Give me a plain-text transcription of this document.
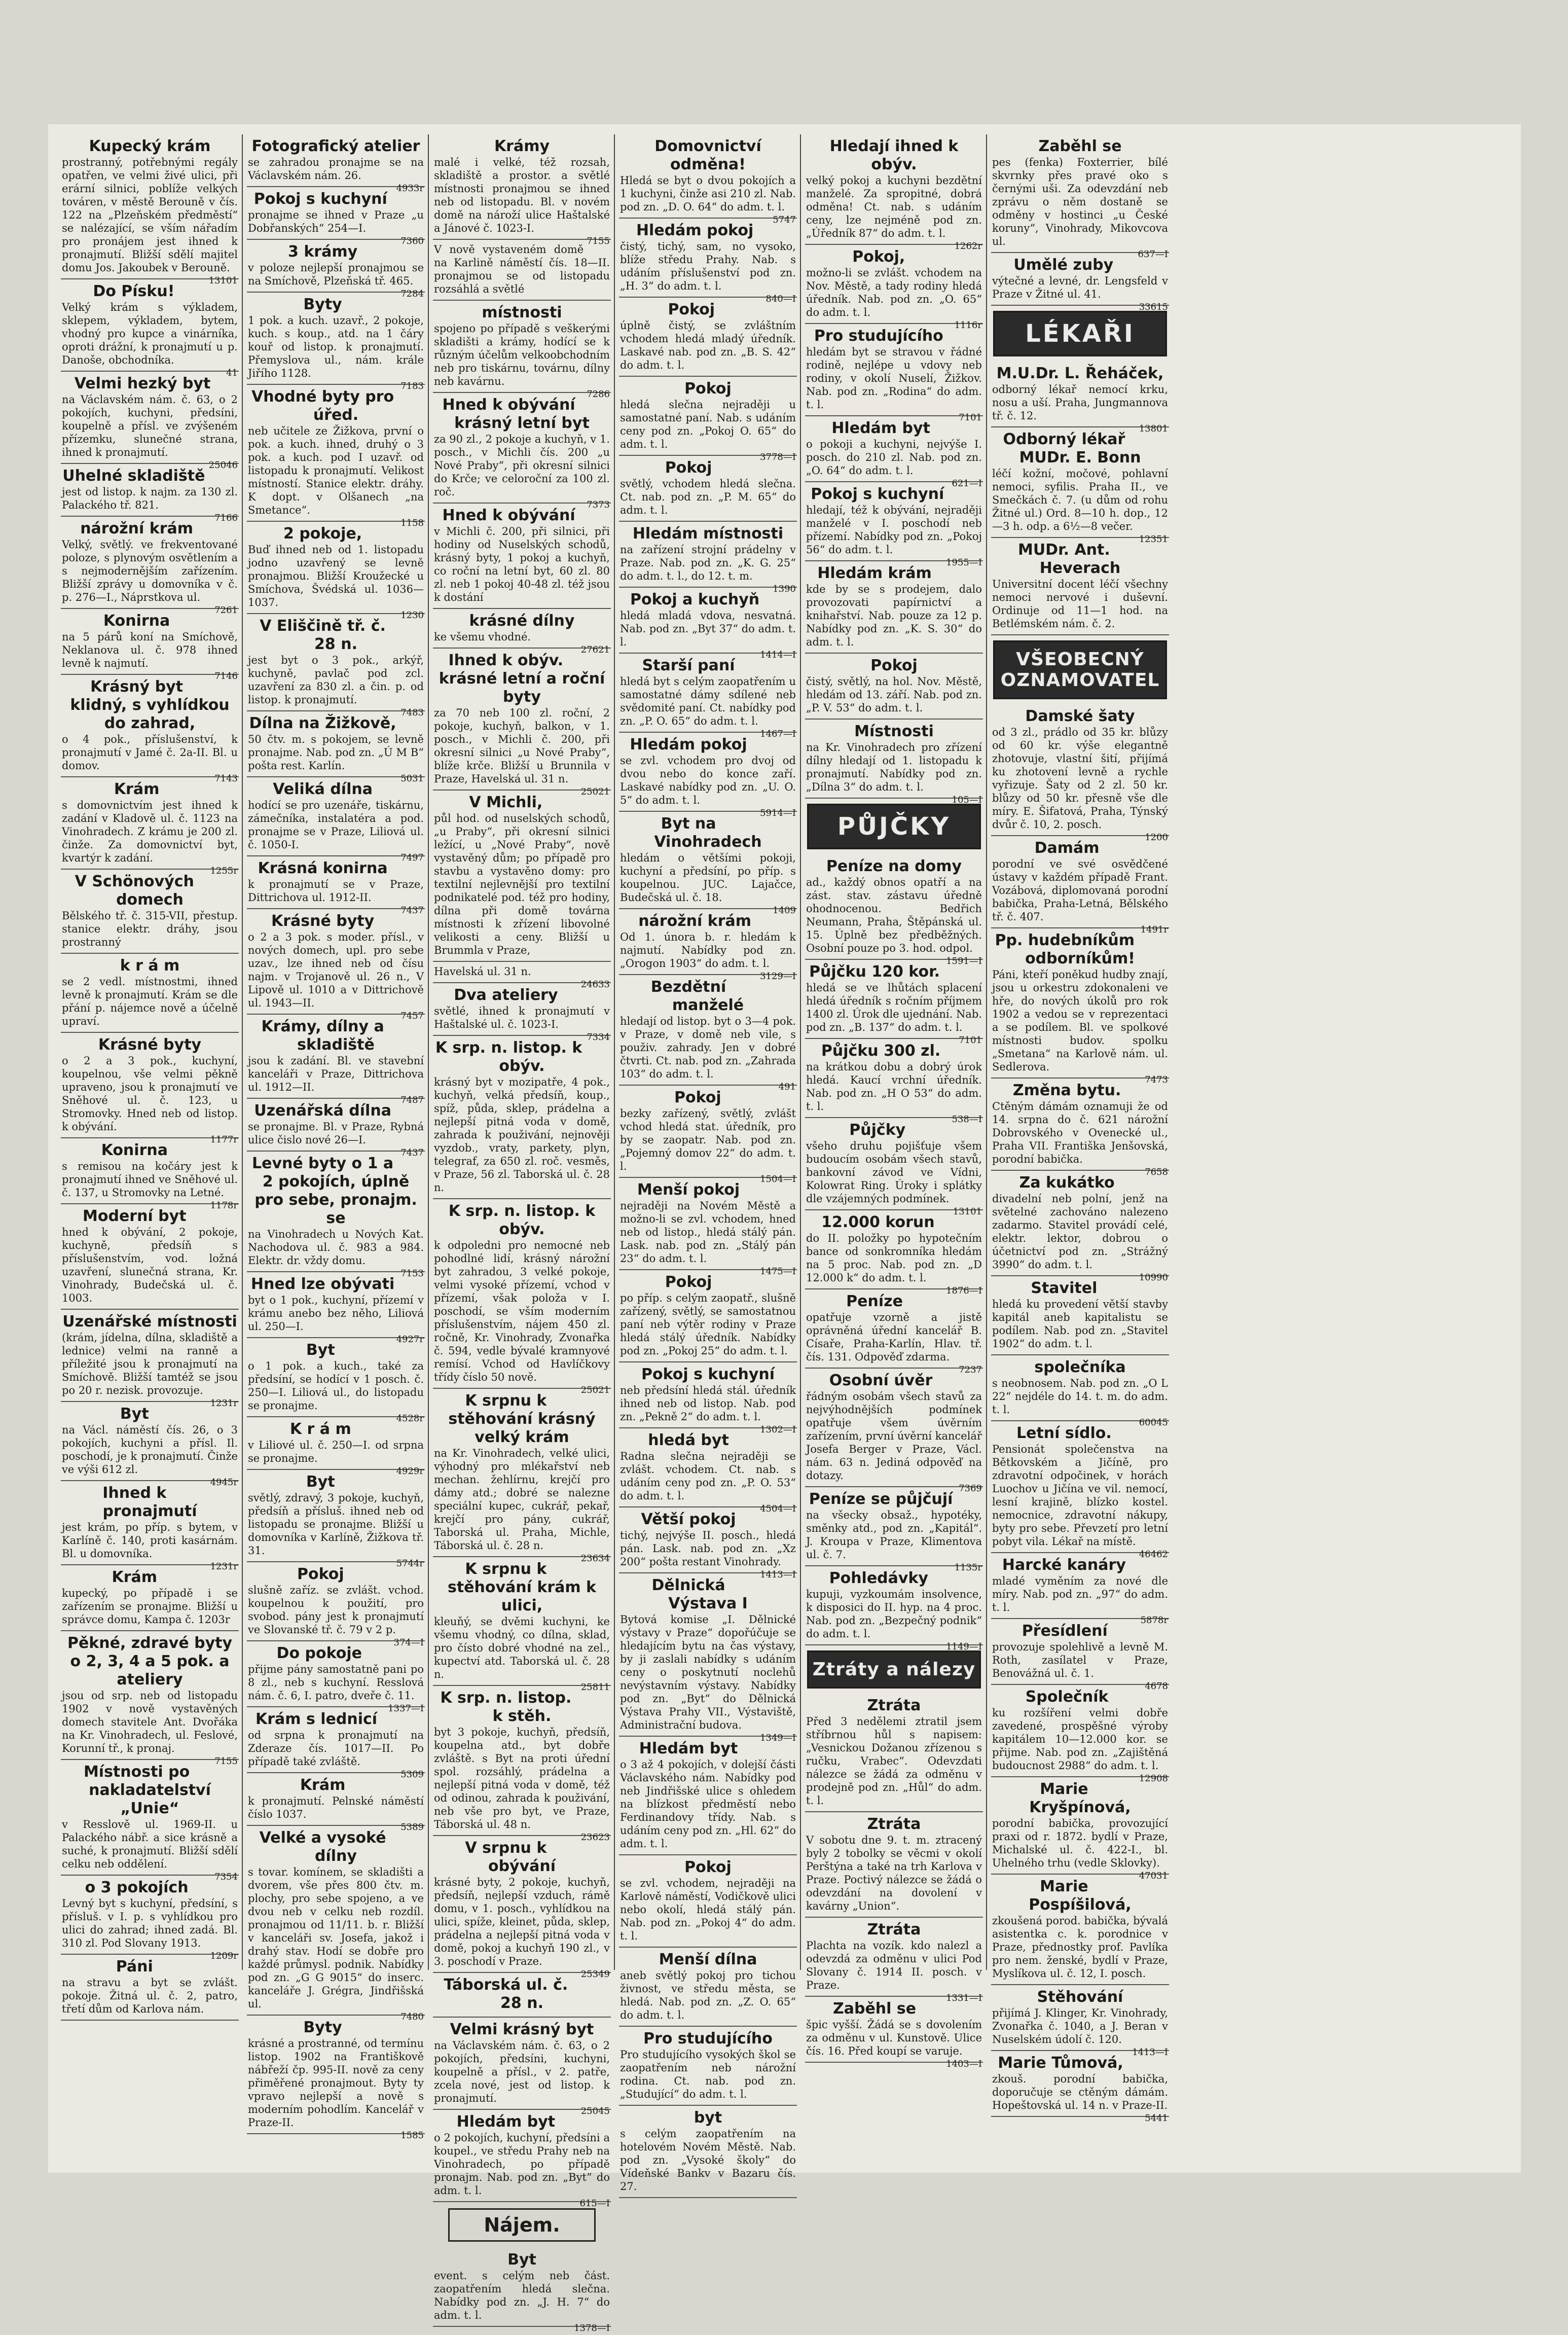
Kupecký krám
prostranný, potřebnými regály opatřen, ve velmi živé ulici, při erární silnici, poblíže velkých továren, v městě Berouně v čís. 122 na „Plzeňském předměstí“ se nalézající, se vším nářadím pro pronájem jest ihned k pronajmutí. Bližší sdělí majitel domu Jos. Jakoubek v Berouně.
13101
Do Písku!
Velký krám s výkladem, sklepem, výkladem, bytem, vhodný pro kupce a vinárníka, oproti drážní, k pronajmutí u p. Danoše, obchodníka.
41
Velmi hezký byt
na Václavském nám. č. 63, o 2 pokojích, kuchyni, předsíni, koupelně a přísl. ve zvýšeném přízemku, slunečné strana, ihned k pronajmutí.
25046
Uhelné skladiště
jest od listop. k najm. za 130 zl. Palackého tř. 821.
7166
nárožní krám
Velký, světlý. ve frekventované poloze, s plynovým osvětlením a s nejmodernějším zařízením. Bližší zprávy u domovníka v č. p. 276—I., Náprstkova ul.
7261
Konirna
na 5 párů koní na Smíchově, Neklanova ul. č. 978 ihned levně k najmutí.
7146
Krásný byt klidný, s vyhlídkou do zahrad,
o 4 pok., příslušenství, k pronajmutí v Jamé č. 2a-II. Bl. u domov.
7143
Krám
s domovnictvím jest ihned k zadání v Kladově ul. č. 1123 na Vinohradech. Z krámu je 200 zl. činže. Za domovnictví byt, kvartýr k zadání.
1255r
V Schönových domech
Bělského tř. č. 315-VII, přestup. stanice elektr. dráhy, jsou prostranný
k r á m
se 2 vedl. místnostmi, ihned levně k pronajmutí. Krám se dle přání p. nájemce nově a účelně upraví.
Krásné byty
o 2 a 3 pok., kuchyní, koupelnou, vše velmi pěkně upraveno, jsou k pronajmutí ve Sněhové ul. č. 123, u Stromovky. Hned neb od listop. k obývání.
1177r
Konirna
s remisou na kočáry jest k pronajmutí ihned ve Sněhové ul. č. 137, u Stromovky na Letné.
1178r
Moderní byt
hned k obývání, 2 pokoje, kuchyně, předsíň s příslušenstvím, vod. ložná uzavření, slunečná strana, Kr. Vinohrady, Budečská ul. č. 1003.
Uzenářské místnosti
(krám, jídelna, dílna, skladiště a lednice) velmi na ranně a příležité jsou k pronajmutí na Smíchově. Bližší tamtéž se jsou po 20 r. nezisk. provozuje.
1231r
Byt
na Václ. náměstí čís. 26, o 3 pokojích, kuchyni a přísl. Il. poschodí, je k pronajmutí. Činže ve výši 612 zl.
4945r
Ihned k pronajmutí
jest krám, po příp. s bytem, v Karlíně č. 140, proti kasárnám. Bl. u domovníka.
1231r
Krám
kupecký, po případě i se zařízením se pronajme. Bližší u správce domu, Kampa č. 1203r
Pěkné, zdravé byty o 2, 3, 4 a 5 pok. a ateliery
jsou od srp. neb od listopadu 1902 v nově vystavěných domech stavitele Ant. Dvořáka na Kr. Vinohradech, ul. Feslové, Korunní tř., k pronaj.
7155
Místnosti po nakladatelství „Unie“
v Resslově ul. 1969-II. u Palackého nábř. a sice krásně a suché, k pronajmutí. Bližší sdělí celku neb oddělení.
7354
o 3 pokojích
Levný byt s kuchyní, předsíní, s přísluš. v I. p. s vyhlídkou pro ulici do zahrad; ihned zadá. Bl. 310 zl. Pod Slovany 1913.
1209r
Páni
na stravu a byt se zvlášt. pokoje. Žitná ul. č. 2, patro, třetí dům od Karlova nám.
Fotografický atelier
se zahradou pronajme se na Václavském nám. 26.
4933r
Pokoj s kuchyní
pronajme se ihned v Praze „u Dobřanských“ 254—I.
7360
3 krámy
v poloze nejlepší pronajmou se na Smíchově, Plzeňská tř. 465.
7284
Byty
1 pok. a kuch. uzavř., 2 pokoje, kuch. s koup., atd. na 1 čáry kouř od listop. k pronajmutí. Přemyslova ul., nám. krále Jiřího 1128.
7183
Vhodné byty pro úřed.
neb učitele ze Žižkova, první o pok. a kuch. ihned, druhý o 3 pok. a kuch. pod I uzavř. od listopadu k pronajmutí. Velikost místností. Stanice elektr. dráhy. K dopt. v Olšanech „na Smetance“.
1158
2 pokoje,
Buď ihned neb od 1. listopadu jodno uzavřený se levně pronajmou. Bližší Kroužecké u Smíchova, Švédská ul. 1036—1037.
1230
V Eliščině tř. č. 28 n.
jest byt o 3 pok., arkýř, kuchyně, pavlač pod zcl. uzavření za 830 zl. a čin. p. od listop. k pronajmutí.
7483
Dílna na Žižkově,
50 čtv. m. s pokojem, se levně pronajme. Nab. pod zn. „Ú M B“ pošta rest. Karlín.
5031
Veliká dílna
hodící se pro uzenáře, tiskárnu, zámečníka, instalatéra a pod. pronajme se v Praze, Liliová ul. č. 1050-I.
7497
Krásná konirna
k pronajmutí se v Praze, Dittrichova ul. 1912-II.
7437
Krásné byty
o 2 a 3 pok. s moder. přísl., v nových domech, upl. pro sebe uzav., lze ihned neb od čísu najm. v Trojanově ul. 26 n., V Lipově ul. 1010 a v Dittrichově ul. 1943—II.
7457
Krámy, dílny a skladiště
jsou k zadání. Bl. ve stavební kanceláři v Praze, Dittrichova ul. 1912—II.
7487
Uzenářská dílna
se pronajme. Bl. v Praze, Rybná ulice čislo nové 26—I.
7437
Levné byty o 1 a 2 pokojích, úplně pro sebe, pronajm. se
na Vinohradech u Nových Kat. Nachodova ul. č. 983 a 984. Elektr. dr. vždy domu.
7153
Hned lze obývati
byt o 1 pok., kuchyní, přízemí v krámu anebo bez něho, Liliová ul. 250—I.
4927r
Byt
o 1 pok. a kuch., také za předsíní, se hodící v 1 posch. č. 250—I. Liliová ul., do listopadu se pronajme.
4528r
K r á m
v Liliové ul. č. 250—I. od srpna se pronajme.
4929r
Byt
světlý, zdravý, 3 pokoje, kuchyň, předsíň a přísluš. ihned neb od listopadu se pronajme. Bližší u domovníka v Karlíně, Žižkova tř. 31.
5744r
Pokoj
slušně zaříz. se zvlášt. vchod. koupelnou k použití, pro svobod. pány jest k pronajmutí ve Slovanské tř. č. 79 v 2 p.
374—I
Do pokoje
přijme pány samostatně pani po 8 zl., neb s kuchyní. Resslová nám. č. 6, I. patro, dveře č. 11.
1337—I
Krám s lednicí
od srpna k pronajmutí na Zderaze čís. 1017—II. Po případě také zvláště.
5309
Krám
k pronajmutí. Pelnské náměstí číslo 1037.
5389
Velké a vysoké dílny
s tovar. komínem, se skladišti a dvorem, vše přes 800 čtv. m. plochy, pro sebe spojeno, a ve dvou neb v celku neb rozdíl. pronajmou od 11/11. b. r. Bližší v kanceláři sv. Josefa, jakož i drahý stav. Hodí se dobře pro každé průmysl. podnik. Nabídky pod zn. „G G 9015“ do inserc. kanceláře J. Grégra, Jindřišská ul.
7480
Byty
krásné a prostranné, od termínu listop. 1902 na Františkově nábřeží čp. 995-II. nově za ceny přiměřené pronajmout. Byty ty vpravo nejlepší a nově s moderním pohodlím. Kancelář v Praze-II.
1585
Krámy
malé i velké, též rozsah, skladiště a prostor. a světlé místnosti pronajmou se ihned neb od listopadu. Bl. v novém domě na nároží ulice Haštalské a Jánové č. 1023-I.
7155
V nově vystaveném domě na Karlině náměstí čís. 18—II. pronajmou se od listopadu rozsáhlá a světlé
místnosti
spojeno po případě s veškerými skladišti a krámy, hodící se k různým účelům velkoobchodním neb pro tiskárnu, továrnu, dílny neb kavárnu.
7286
Hned k obývání krásný letní byt
za 90 zl., 2 pokoje a kuchyň, v 1. posch., v Michli čís. 200 „u Nové Praby“, při okresní silnici do Krče; ve celoroční za 100 zl. roč.
7373
Hned k obývání
v Michli č. 200, při silnici, při hodiny od Nuselských schodů, krásný byty, 1 pokoj a kuchyň, co roční na letní byt, 60 zl. 80 zl. neb 1 pokoj 40-48 zl. též jsou k dostání
krásné dílny
ke všemu vhodné.
27621
Ihned k obýv. krásné letní a roční byty
za 70 neb 100 zl. roční, 2 pokoje, kuchyň, balkon, v 1. posch., v Michli č. 200, při okresní silnici „u Nové Praby“, blíže krče. Bližší u Brunnila v Praze, Havelská ul. 31 n.
25021
V Michli,
půl hod. od nuselských schodů, „u Praby“, při okresní silnici ležící, u „Nové Praby“, nově vystavěný dům; po případě pro stavbu a vystavěno domy: pro textilní nejlevnější pro textilní podnikatelé pod. též pro hodiny, dílna při domě továrna místnosti k zřízení libovolné velikosti a ceny. Bližší u Brummla v Praze,
Havelská ul. 31 n.
24633
Dva ateliery
světlé, ihned k pronajmutí v Haštalské ul. č. 1023-I.
7334
K srp. n. listop. k obýv.
krásný byt v mozipatře, 4 pok., kuchyň, velká předsíň, koup., spíž, půda, sklep, prádelna a nejlepší pitná voda v domě, zahrada k použivání, nejnověji vyzdob., vraty, parkety, plyn, telegraf, za 650 zl. roč. vesměs, v Praze, 56 zl. Taborská ul. č. 28 n.
K srp. n. listop. k obýv.
k odpoledni pro nemocné neb pohodlné lidí, krásný nárožní byt zahradou, 3 velké pokoje, velmi vysoké přízemí, vchod v přízemí, však položa v I. poschodí, se vším moderním příslušenstvím, nájem 450 zl. ročně, Kr. Vinohrady, Zvonařka č. 594, vedle bývalé kramnyové remísí. Vchod od Havlíčkovy třídy číslo 50 nově.
25021
K srpnu k stěhování krásný velký krám
na Kr. Vinohradech, velké ulici, výhodný pro mlékařství neb mechan. žehlírnu, krejčí pro dámy atd.; dobré se nalezne speciální kupec, cukrář, pekař, krejčí pro pány, cukrář, Taborská ul. Praha, Michle, Táborská ul. č. 28 n.
23634
K srpnu k stěhování krám k ulici,
kleuňý, se dvěmi kuchyni, ke všemu vhodný, co dílna, sklad, pro čísto dobré vhodné na zel., kupectví atd. Taborská ul. č. 28 n.
25811
K srp. n. listop. k stěh.
byt 3 pokoje, kuchyň, předsíň, koupelna atd., byt dobře zvláště. s Byt na proti úřední spol. rozsáhlý, prádelna a nejlepší pitná voda v domě, též od odinou, zahrada k použivání, neb vše pro byt, ve Praze, Táborská ul. 48 n.
23623
V srpnu k obývání
krásné byty, 2 pokoje, kuchyň, předsíň, nejlepší vzduch, rámě domu, v 1. posch., vyhlídkou na ulici, spíže, kleinet, půda, sklep, prádelna a nejlepší pitná voda v domě, pokoj a kuchyň 190 zl., v 3. poschodí v Praze.
25349
Táborská ul. č. 28 n.
Velmi krásný byt
na Václavském nám. č. 63, o 2 pokojích, předsíni, kuchyni, koupelně a přísl., v 2. patře, zcela nové, jest od listop. k pronajmutí.
25045
Hledám byt
o 2 pokojích, kuchyní, předsíni a koupel., ve středu Prahy neb na Vinohradech, po případě pronajm. Nab. pod zn. „Byt“ do adm. t. l.
615—I
Nájem.
Byt
event. s celým neb část. zaopatřením hledá slečna. Nabídky pod zn. „J. H. 7“ do adm. t. l.
1378—I
Domovnictví odměna!
Hledá se byt o dvou pokojích a 1 kuchyni, činže asi 210 zl. Nab. pod zn. „D. O. 64“ do adm. t. l.
5747
Hledám pokoj
čistý, tichý, sam, no vysoko, blíže středu Prahy. Nab. s udáním příslušenství pod zn. „H. 3“ do adm. t. l.
840—I
Pokoj
úplně čistý, se zvláštním vchodem hledá mladý úředník. Laskavé nab. pod zn. „B. S. 42“ do adm. t. l.
Pokoj
hledá slečna nejraději u samostatné paní. Nab. s udáním ceny pod zn. „Pokoj O. 65“ do adm. t. l.
3778—I
Pokoj
světlý, vchodem hledá slečna. Ct. nab. pod zn. „P. M. 65“ do adm. t. l.
Hledám místnosti
na zařízení strojní prádelny v Praze. Nab. pod zn. „K. G. 25“ do adm. t. l., do 12. t. m.
1390
Pokoj a kuchyň
hledá mladá vdova, nesvatná. Nab. pod zn. „Byt 37“ do adm. t. l.
1414—I
Starší paní
hledá byt s celým zaopatřením u samostatné dámy sdílené neb svědomité paní. Ct. nabídky pod zn. „P. O. 65“ do adm. t. l.
1467—I
Hledám pokoj
se zvl. vchodem pro dvoj od dvou nebo do konce zaří. Laskavé nabídky pod zn. „U. O. 5“ do adm. t. l.
5914—I
Byt na Vinohradech
hledám o většími pokoji, kuchyní a předsíní, po příp. s koupelnou. JUC. Lajačce, Budečská ul. č. 18.
1409
nárožní krám
Od 1. února b. r. hledám k najmutí. Nabídky pod zn. „Orogon 1903“ do adm. t. l.
3129—I
Bezdětní manželé
hledají od listop. byt o 3—4 pok. v Praze, v domě neb vile, s použiv. zahrady. Jen v dobré čtvrti. Ct. nab. pod zn. „Zahrada 103“ do adm. t. l.
491
Pokoj
bezky zařízený, světlý, zvlášt vchod hledá stat. úředník, pro by se zaopatr. Nab. pod zn. „Pojemný domov 22“ do adm. t. l.
1504—I
Menší pokoj
nejraději na Novém Městě a možno-li se zvl. vchodem, hned neb od listop., hledá stálý pán. Lask. nab. pod zn. „Stálý pán 23“ do adm. t. l.
1475—I
Pokoj
po příp. s celým zaopatř., slušně zařízený, světlý, se samostatnou paní neb výtěr rodiny v Praze hledá stálý úředník. Nabídky pod zn. „Pokoj 25“ do adm. t. l.
Pokoj s kuchyní
neb předsíní hledá stál. úředník ihned neb od listop. Nab. pod zn. „Pekně 2“ do adm. t. l.
1302—I
hledá byt
Radna slečna nejraději se zvlášt. vchodem. Ct. nab. s udáním ceny pod zn. „P. O. 53“ do adm. t. l.
4504—I
Větší pokoj
tichý, nejvýše II. posch., hledá pán. Lask. nab. pod zn. „Xz 200“ pošta restant Vinohrady.
1413—I
Dělnická Výstava I
Bytová komise „I. Dělnické výstavy v Praze“ dopořúčuje se hledajícím bytu na čas výstavy, by ji zaslali nabídky s udáním ceny o poskytnutí noclehů nevýstavním výstavy. Nabídky pod zn. „Byt“ do Dělnická Výstava Prahy VII., Výstaviště, Administrační budova.
1349—I
Hledám byt
o 3 až 4 pokojích, v dolejší části Václavského nám. Nabídky pod neb Jindřišské ulice s ohledem na blízkost předměstí nebo Ferdinandovy třídy. Nab. s udáním ceny pod zn. „Hl. 62“ do adm. t. l.
Pokoj
se zvl. vchodem, nejraději na Karlově náměstí, Vodičkově ulici nebo okolí, hledá stálý pán. Nab. pod zn. „Pokoj 4“ do adm. t. l.
Menší dílna
aneb světlý pokoj pro tichou živnost, ve středu města, se hledá. Nab. pod zn. „Z. O. 65“ do adm. t. l.
Pro studujícího
Pro studujícího vysokých škol se zaopatřením neb nárožní rodina. Ct. nab. pod zn. „Studující“ do adm. t. l.
byt
s celým zaopatřením na hotelovém Novém Městě. Nab. pod zn. „Vysoké školy“ do Vídeňské Bankv v Bazaru čís. 27.
Hledají ihned k obýv.
velký pokoj a kuchyni bezdětní manželé. Za spropitné, dobrá odměna! Ct. nab. s udáním ceny, lze nejméně pod zn. „Úředník 87“ do adm. t. l.
1262r
Pokoj,
možno-li se zvlášt. vchodem na Nov. Městě, a tady rodiny hledá úředník. Nab. pod zn. „O. 65“ do adm. t. l.
1116r
Pro studujícího
hledám byt se stravou v řádné rodině, nejlépe u vdovy neb rodiny, v okolí Nuselí, Žižkov. Nab. pod zn. „Rodina“ do adm. t. l.
7101
Hledám byt
o pokoji a kuchyni, nejvýše I. posch. do 210 zl. Nab. pod zn. „O. 64“ do adm. t. l.
621—I
Pokoj s kuchyní
hledají, též k obývání, nejraději manželé v I. poschodí neb přízemí. Nabídky pod zn. „Pokoj 56“ do adm. t. l.
1955—I
Hledám krám
kde by se s prodejem, dalo provozovati papírnictví a knihařství. Nab. pouze za 12 p. Nabídky pod zn. „K. S. 30“ do adm. t. l.
Pokoj
čistý, světlý, na hol. Nov. Městě, hledám od 13. září. Nab. pod zn. „P. V. 53“ do adm. t. l.
Místnosti
na Kr. Vinohradech pro zřízení dílny hledají od 1. listopadu k pronajmutí. Nabídky pod zn. „Dílna 3“ do adm. t. l.
105—I
PŮJČKY
Peníze na domy
ad., každý obnos opatří a na zást. stav. zástavu úředně ohodnocenou. Bedřich Neumann, Praha, Štěpánská ul. 15. Úplně bez předběžných. Osobní pouze po 3. hod. odpol.
1591—I
Půjčku 120 kor.
hledá se ve lhůtách splacení hledá úředník s ročním příjmem 1400 zl. Úrok dle ujednání. Nab. pod zn. „B. 137“ do adm. t. l.
7101
Půjčku 300 zl.
na krátkou dobu a dobrý úrok hledá. Kaucí vrchní úředník. Nab. pod zn. „H O 53“ do adm. t. l.
538—I
Půjčky
všeho druhu pojišťuje všem budoucím osobám všech stavů, bankovní závod ve Vídni, Kolowrat Ring. Úroky i splátky dle vzájemných podmínek.
13101
12.000 korun
do II. položky po hypotečním bance od sonkromníka hledám na 5 proc. Nab. pod zn. „D 12.000 k“ do adm. t. l.
1876—I
Peníze
opatřuje vzorně a jistě oprávněná úřední kancelář B. Císaře, Praha-Karlín, Hlav. tř. čís. 131. Odpověď zdarma.
7237
Osobní úvěr
řádným osobám všech stavů za nejvýhodnějších podmínek opatřuje všem úvěrním zařízením, první úvěrní kancelář Josefa Berger v Praze, Václ. nám. 63 n. Jediná odpověď na dotazy.
7369
Peníze se půjčují
na všecky obsaž., hypotéky, směnky atd., pod zn. „Kapitál“. J. Kroupa v Praze, Klimentova ul. č. 7.
1135r
Pohledávky
kupuji, vyzkoumám insolvence, k disposici do II. hyp. na 4 proc. Nab. pod zn. „Bezpečný podnik“ do adm. t. l.
1149—I
Ztráty a nálezy
Ztráta
Před 3 nedělemi ztratil jsem stříbrnou hůl s napisem: „Vesnickou Dožanou zřízenou s ručku, Vrabec“. Odevzdati nálezce se žádá za odměnu v prodejně pod zn. „Hůl“ do adm. t. l.
Ztráta
V sobotu dne 9. t. m. ztracený byly 2 tobolky se věcmi v okolí Perštýna a také na trh Karlova v Praze. Poctivý nálezce se žádá o odevzdání na dovolení v kavárny „Union“.
Ztráta
Plachta na vozík. kdo nalezl a odevzdá za odměnu v ulici Pod Slovany č. 1914 II. posch. v Praze.
1331—I
Zaběhl se
špic vyšší. Žádá se s dovolením za odměnu v ul. Kunstově. Ulice čís. 16. Před koupí se varuje.
1403—I
Zaběhl se
pes (fenka) Foxterrier, bílé skvrnky přes pravé oko s černými uši. Za odevzdání neb zprávu o něm dostaně se odměny v hostinci „u České koruny“, Vinohrady, Mikovcova ul.
637—I
Umělé zuby
výtečné a levné, dr. Lengsfeld v Praze v Žitné ul. 41.
33615
LÉKAŘI
M.U.Dr. L. Řeháček,
odborný lékař nemocí krku, nosu a uší. Praha, Jungmannova tř. č. 12.
13801
Odborný lékař MUDr. E. Bonn
léčí kožní, močové, pohlavní nemoci, syfilis. Praha II., ve Smečkách č. 7. (u dům od rohu Žitné ul.) Ord. 8—10 h. dop., 12—3 h. odp. a 6½—8 večer.
12351
MUDr. Ant. Heverach
Universitní docent léčí všechny nemoci nervové i duševní. Ordinuje od 11—1 hod. na Betlémském nám. č. 2.
VŠEOBECNÝ OZNAMOVATEL
Damské šaty
od 3 zl., prádlo od 35 kr. blůzy od 60 kr. výše elegantně zhotovuje, vlastní šití, přijímá ku zhotovení levně a rychle vyřizuje. Šaty od 2 zl. 50 kr. blůzy od 50 kr. přesně vše dle míry. E. Šifatová, Praha, Týnský dvůr č. 10, 2. posch.
1200
Damám
porodní ve své osvědčené ústavy v každém případě Frant. Vozábová, diplomovaná porodní babička, Praha-Letná, Bělského tř. č. 407.
1491r
Pp. hudebníkům odborníkům!
Páni, kteří poněkud hudby znají, jsou u orkestru zdokonaleni ve hře, do nových úkolů pro rok 1902 a vedou se v reprezentaci a se podílem. Bl. ve spolkové místnosti budov. spolku „Smetana“ na Karlově nám. ul. Sedlerova.
7473
Změna bytu.
Ctěným dámám oznamuji že od 14. srpna do č. 621 nárožní Dobrovského v Ovenecké ul., Praha VII. Františka Jenšovská, porodní babička.
7658
Za kukátko
divadelní neb polní, jenž na světelné zachováno nalezeno zadarmo. Stavitel provádí celé, elektr. lektor, dobrou o účetnictví pod zn. „Strážný 3990“ do adm. t. l.
10990
Stavitel
hledá ku provedení větší stavby kapitál aneb kapitalistu se podílem. Nab. pod zn. „Stavitel 1902“ do adm. t. l.
společníka
s neobnosem. Nab. pod zn. „O L 22“ nejdéle do 14. t. m. do adm. t. l.
60045
Letní sídlo.
Pensionát společenstva na Bětkovském a Jičíně, pro zdravotní odpočinek, v horách Luochov u Jičína ve vil. nemocí, lesní krajině, blízko kostel. nemocnice, zdravotní nákupy, byty pro sebe. Převzetí pro letní pobyt vila. Lékař na místě.
46462
Harcké kanáry
mladé vyměním za nové dle míry. Nab. pod zn. „97“ do adm. t. l.
5878r
Přesídlení
provozuje spolehlivě a levně M. Roth, zasílatel v Praze, Benovážná ul. č. 1.
4678
Společník
ku rozšíření velmi dobře zavedené, prospěšné výroby kapitálem 10—12.000 kor. se přijme. Nab. pod zn. „Zajištěná budoucnost 2988“ do adm. t. l.
12908
Marie Kryšpínová,
porodní babička, provozující praxi od r. 1872. bydlí v Praze, Michalské ul. č. 422-I., bl. Uhelného trhu (vedle Sklovky).
47031
Marie Pospíšilová,
zkoušená porod. babička, bývalá asistentka c. k. porodnice v Praze, přednostky prof. Pavlíka pro nem. ženské, bydlí v Praze, Myslíkova ul. č. 12, I. posch.
Stěhování
přijímá J. Klinger, Kr. Vinohrady, Zvonařka č. 1040, a J. Beran v Nuselském údolí č. 120.
1413—I
Marie Tůmová,
zkouš. porodní babička, doporučuje se ctěným dámám. Hopeštovská ul. 14 n. v Praze-II.
5441
